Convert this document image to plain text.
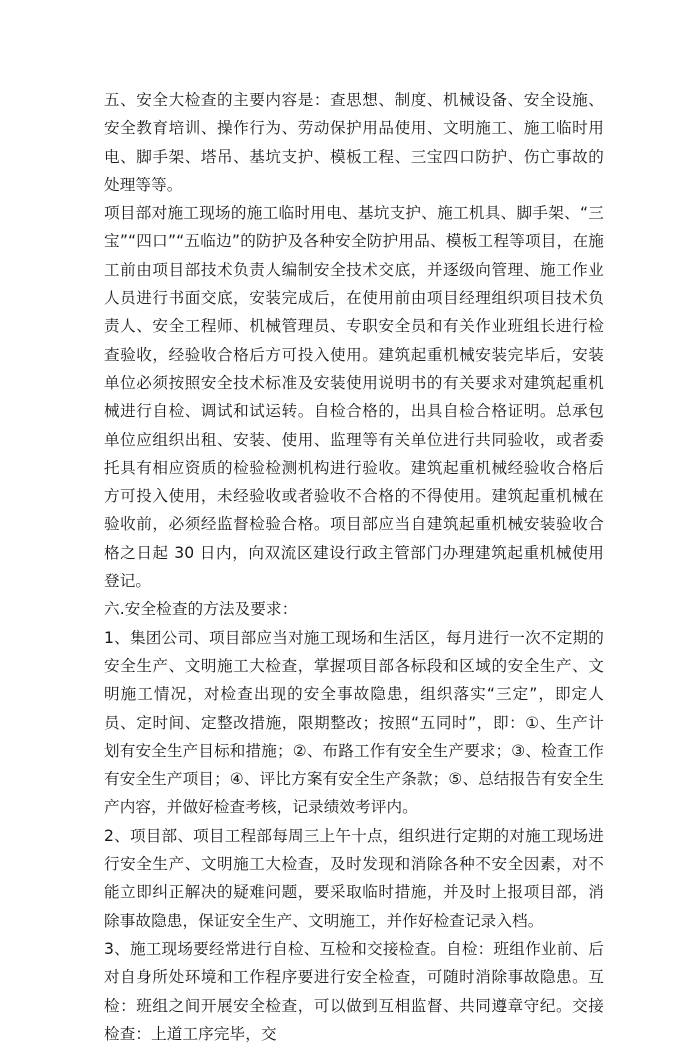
五、安全大检查的主要内容是：查思想、制度、机械设备、安全设施、安全教育培训、操作行为、劳动保护用品使用、文明施工、施工临时用电、脚手架、塔吊、基坑支护、模板工程、三宝四口防护、伤亡事故的处理等等。

项目部对施工现场的施工临时用电、基坑支护、施工机具、脚手架、“三宝”“四口”“五临边”的防护及各种安全防护用品、模板工程等项目，在施工前由项目部技术负责人编制安全技术交底，并逐级向管理、施工作业人员进行书面交底，安装完成后，在使用前由项目经理组织项目技术负责人、安全工程师、机械管理员、专职安全员和有关作业班组长进行检查验收，经验收合格后方可投入使用。建筑起重机械安装完毕后，安装单位必须按照安全技术标准及安装使用说明书的有关要求对建筑起重机械进行自检、调试和试运转。自检合格的，出具自检合格证明。总承包单位应组织出租、安装、使用、监理等有关单位进行共同验收，或者委托具有相应资质的检验检测机构进行验收。建筑起重机械经验收合格后方可投入使用，未经验收或者验收不合格的不得使用。建筑起重机械在验收前，必须经监督检验合格。项目部应当自建筑起重机械安装验收合格之日起 30 日内，向双流区建设行政主管部门办理建筑起重机械使用登记。

六.安全检查的方法及要求：

1、集团公司、项目部应当对施工现场和生活区，每月进行一次不定期的安全生产、文明施工大检查，掌握项目部各标段和区域的安全生产、文明施工情况，对检查出现的安全事故隐患，组织落实“三定”，即定人员、定时间、定整改措施，限期整改；按照“五同时”，即：①、生产计划有安全生产目标和措施；②、布路工作有安全生产要求；③、检查工作有安全生产项目；④、评比方案有安全生产条款；⑤、总结报告有安全生产内容，并做好检查考核，记录绩效考评内。

2、项目部、项目工程部每周三上午十点，组织进行定期的对施工现场进行安全生产、文明施工大检查，及时发现和消除各种不安全因素，对不能立即纠正解决的疑难问题，要采取临时措施，并及时上报项目部，消除事故隐患，保证安全生产、文明施工，并作好检查记录入档。

3、施工现场要经常进行自检、互检和交接检查。自检：班组作业前、后对自身所处环境和工作程序要进行安全检查，可随时消除事故隐患。互检：班组之间开展安全检查，可以做到互相监督、共同遵章守纪。交接检查：上道工序完毕，交
